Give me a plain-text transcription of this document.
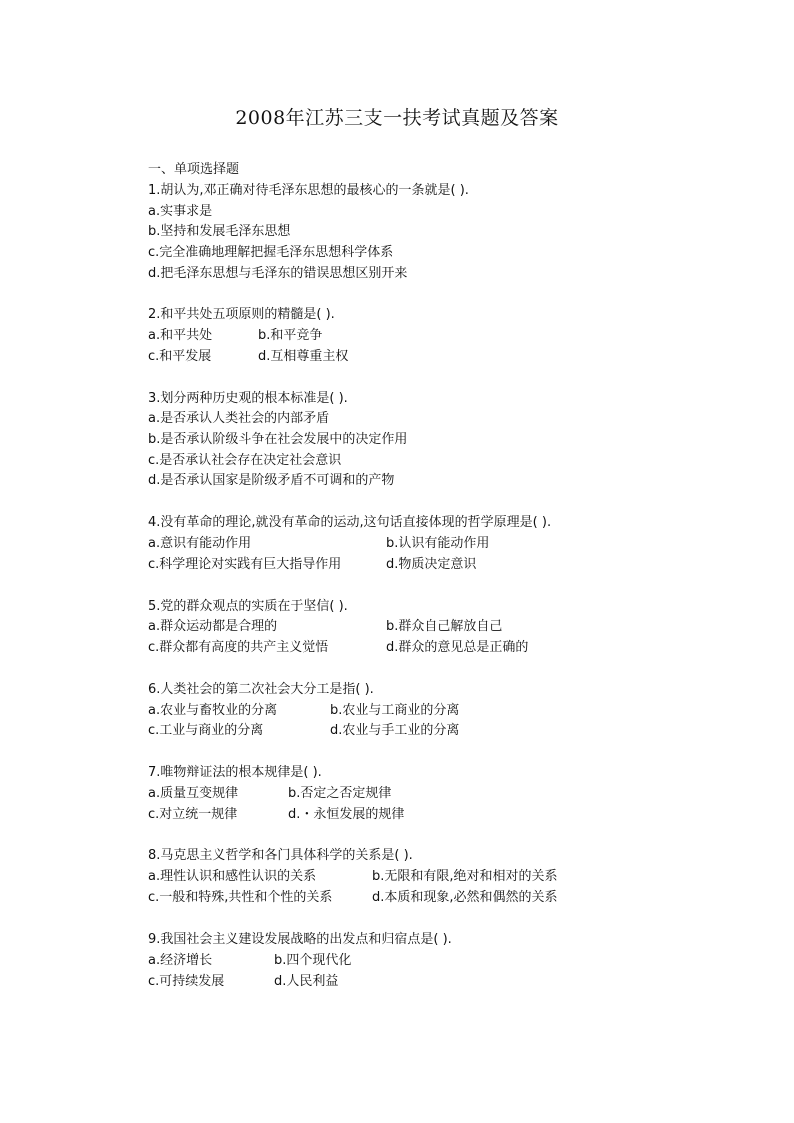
2008年江苏三支一扶考试真题及答案
一、单项选择题
1.胡认为,邓正确对待毛泽东思想的最核心的一条就是( ).
a.实事求是
b.坚持和发展毛泽东思想
c.完全准确地理解把握毛泽东思想科学体系
d.把毛泽东思想与毛泽东的错误思想区别开来
2.和平共处五项原则的精髓是( ).
a.和平共处	b.和平竞争
c.和平发展	d.互相尊重主权
3.划分两种历史观的根本标准是( ).
a.是否承认人类社会的内部矛盾
b.是否承认阶级斗争在社会发展中的决定作用
c.是否承认社会存在决定社会意识
d.是否承认国家是阶级矛盾不可调和的产物
4.没有革命的理论,就没有革命的运动,这句话直接体现的哲学原理是( ).
a.意识有能动作用	b.认识有能动作用
c.科学理论对实践有巨大指导作用	d.物质决定意识
5.党的群众观点的实质在于坚信( ).
a.群众运动都是合理的	b.群众自己解放自己
c.群众都有高度的共产主义觉悟	d.群众的意见总是正确的
6.人类社会的第二次社会大分工是指( ).
a.农业与畜牧业的分离	b.农业与工商业的分离
c.工业与商业的分离	d.农业与手工业的分离
7.唯物辩证法的根本规律是( ).
a.质量互变规律	b.否定之否定规律
c.对立统一规律	d.・永恒发展的规律
8.马克思主义哲学和各门具体科学的关系是( ).
a.理性认识和感性认识的关系	b.无限和有限,绝对和相对的关系
c.一般和特殊,共性和个性的关系	d.本质和现象,必然和偶然的关系
9.我国社会主义建设发展战略的出发点和归宿点是( ).
a.经济增长	b.四个现代化
c.可持续发展	d.人民利益
